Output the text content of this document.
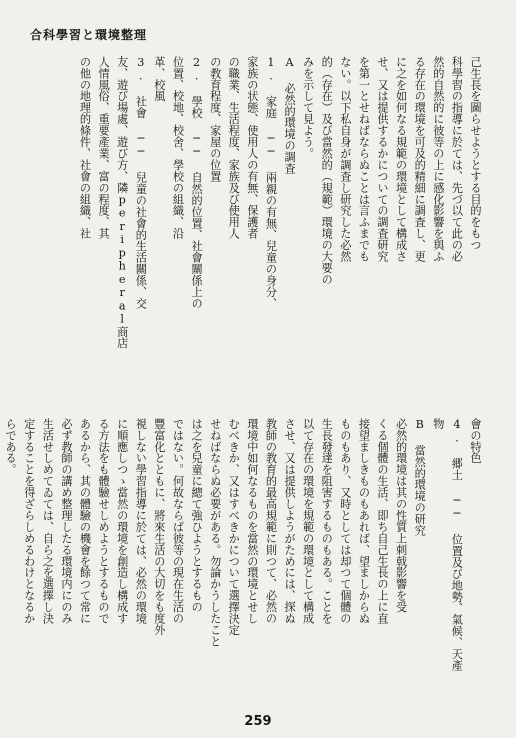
合科學習と環境整理
己生長を圖らせようとする目的をもつ
科學習の指導に於ては、先づ以て此の必
然的自然的に彼等の上に感化影響を與ふ
る存在の環境を可及的精細に調査し、更
に之を如何なる規範の環境として構成さ
せ、又は提供するかについての調査研究
を第一とせねばならぬことは言ふまでも
ない。以下私自身が調査し研究した必然
的（存在）及び當然的（規範）環境の大要の
みを示して見よう。
A 必然的環境の調査
1. 家庭 ── 兩親の有無、兒童の身分、
家族の状態、使用人の有無、保護者
の職業、生活程度、家族及び使用人
の教育程度、家屋の位置
2. 學校 ── 自然的位置、社會關係上の
位置、校地、校舍、學校の組織、沿
革、校風
3. 社會 ── 兒童の社會的生活關係、交
友、遊び場處、遊び方、隣peripheral商店
人情風俗、重要產業、富の程度、其
の他の地理的條件、社會の組織、社
會の特色
4. 郷土 ── 位置及び地勢、氣候、天產
物
B 當然的環境の研究
必然的環境は其の性質上刺戟影響を受
くる個體の生活、即ち自己生長の上に直
接望ましきものもあれば、望ましからぬ
ものもあり、又時としては却つて個體の
生長發達を阻害するものもある。ことを
以て存在の環境を規範の環境として構成
させ、又は提供しようがためには、探ぬ
教師の教育的最高規範に則つて、必然の
環境中如何なるものを當然の環境とせし
むべきか、又はすべきかについて選擇決定
せねばならぬ必要がある。勿論かうしたこと
は之を兒童に總て強ひようとするもの
ではない。何故ならば彼等の現在生活の
豐富化とともに、將來生活の大切をも度外
視しない學習指導に於ては、必然の環境
に順應しつゝ當然の環境を創造し構成す
る方法をも體驗せしめようとするもので
あるから、其の體驗の機會を餘つて常に
必ず教師の講め整理したる環境内にのみ
生活せしめてゐては、自ら之を選擇し決
定することを得ざらしめるわけとなるか
らである。
259
